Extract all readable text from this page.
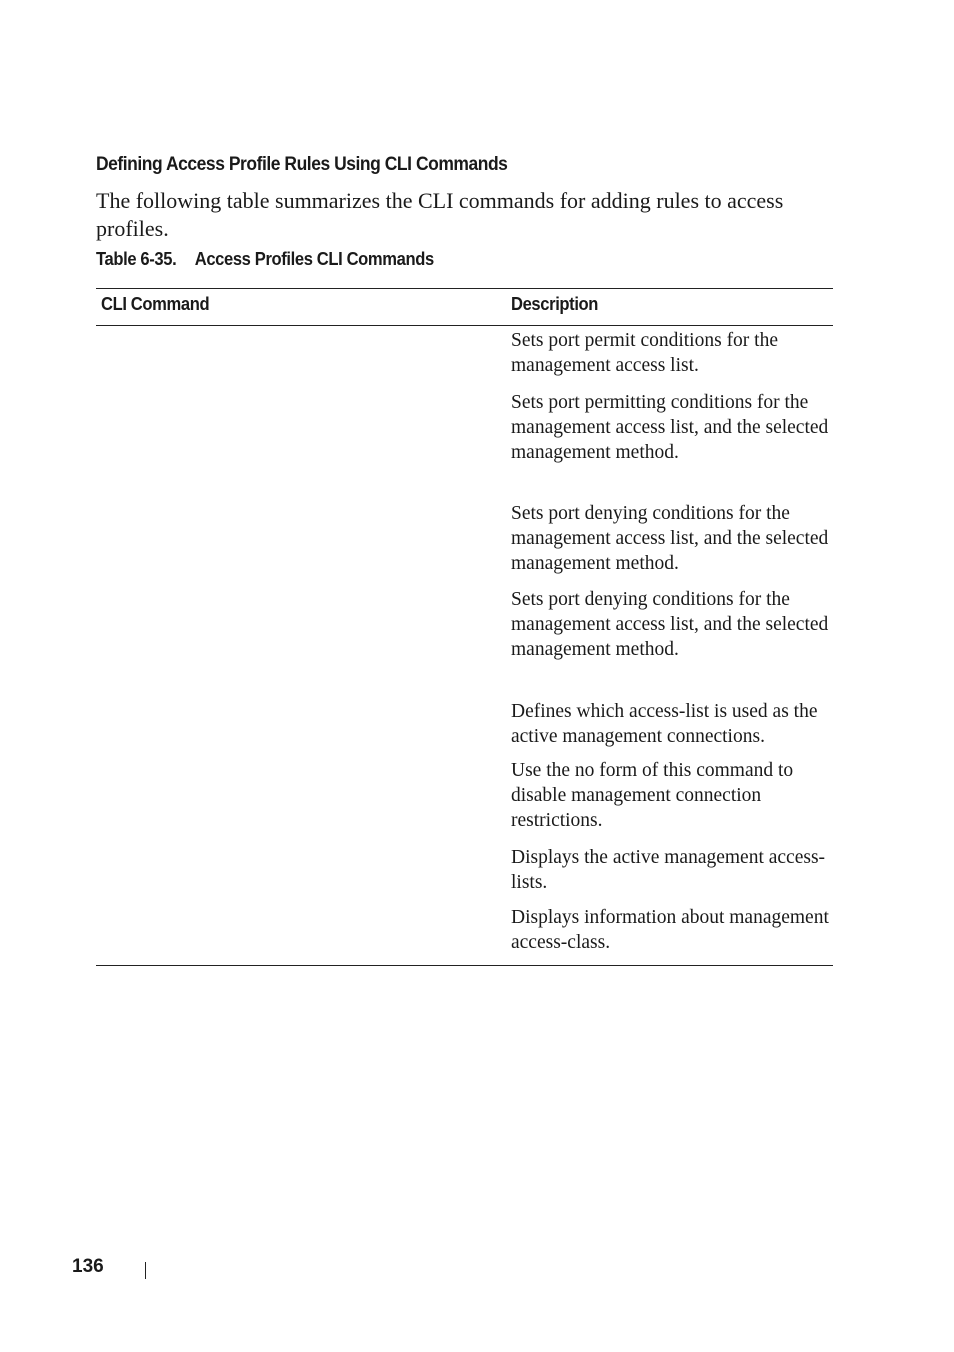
Defining Access Profile Rules Using CLI Commands
The following table summarizes the CLI commands for adding rules to access profiles.
Table 6-35. Access Profiles CLI Commands
CLI Command	Description
Sets port permit conditions for the management access list.
Sets port permitting conditions for the management access list, and the selected management method.
Sets port denying conditions for the management access list, and the selected management method.
Sets port denying conditions for the management access list, and the selected management method.
Defines which access-list is used as the active management connections.
Use the no form of this command to disable management connection restrictions.
Displays the active management access-lists.
Displays information about management access-class.
136
